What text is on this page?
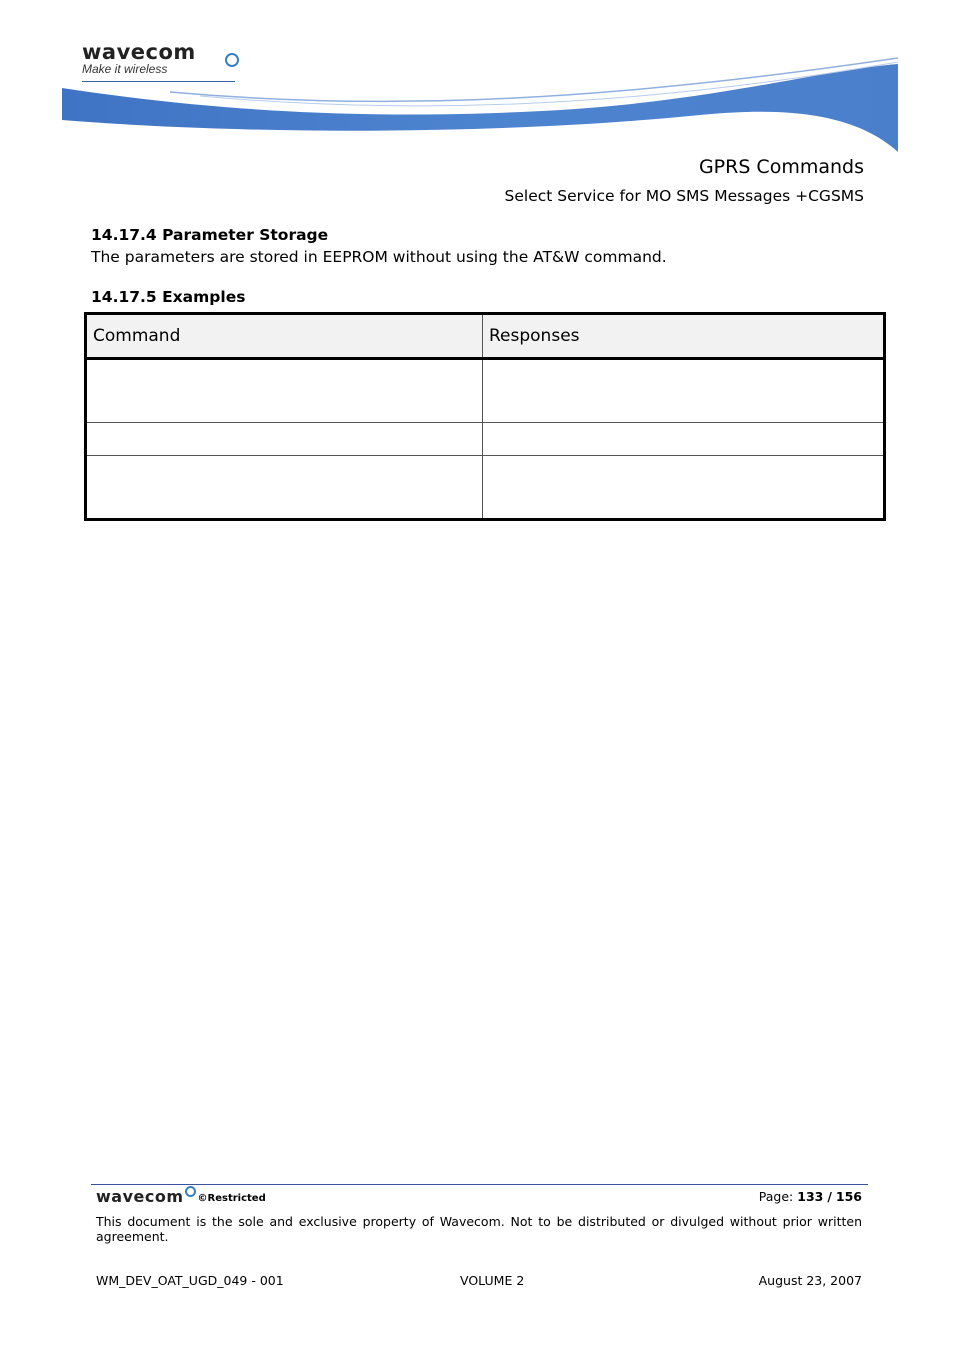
wavecom
Make it wireless
GPRS Commands
Select Service for MO SMS Messages +CGSMS
14.17.4 Parameter Storage
The parameters are stored in EEPROM without using the AT&W command.
14.17.5 Examples
Command	Responses

wavecom ©Restricted	Page: 133 / 156
This document is the sole and exclusive property of Wavecom. Not to be distributed or divulged without prior written agreement.
WM_DEV_OAT_UGD_049 - 001	VOLUME 2	August 23, 2007
